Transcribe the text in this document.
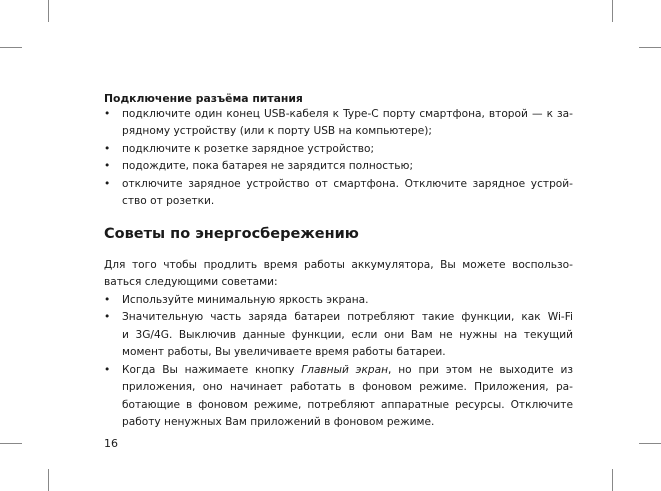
Подключение разъёма питания
• подключите один конец USB-кабеля к Type-C порту смартфона, второй — к за-
рядному устройству (или к порту USB на компьютере);
• подключите к розетке зарядное устройство;
• подождите, пока батарея не зарядится полностью;
• отключите зарядное устройство от смартфона. Отключите зарядное устрой-
ство от розетки.
Советы по энергосбережению
Для того чтобы продлить время работы аккумулятора, Вы можете воспользо-
ваться следующими советами:
• Используйте минимальную яркость экрана.
• Значительную часть заряда батареи потребляют такие функции, как Wi-Fi
и 3G/4G. Выключив данные функции, если они Вам не нужны на текущий
момент работы, Вы увеличиваете время работы батареи.
• Когда Вы нажимаете кнопку Главный экран, но при этом не выходите из
приложения, оно начинает работать в фоновом режиме. Приложения, ра-
ботающие в фоновом режиме, потребляют аппаратные ресурсы. Отключите
работу ненужных Вам приложений в фоновом режиме.
16
